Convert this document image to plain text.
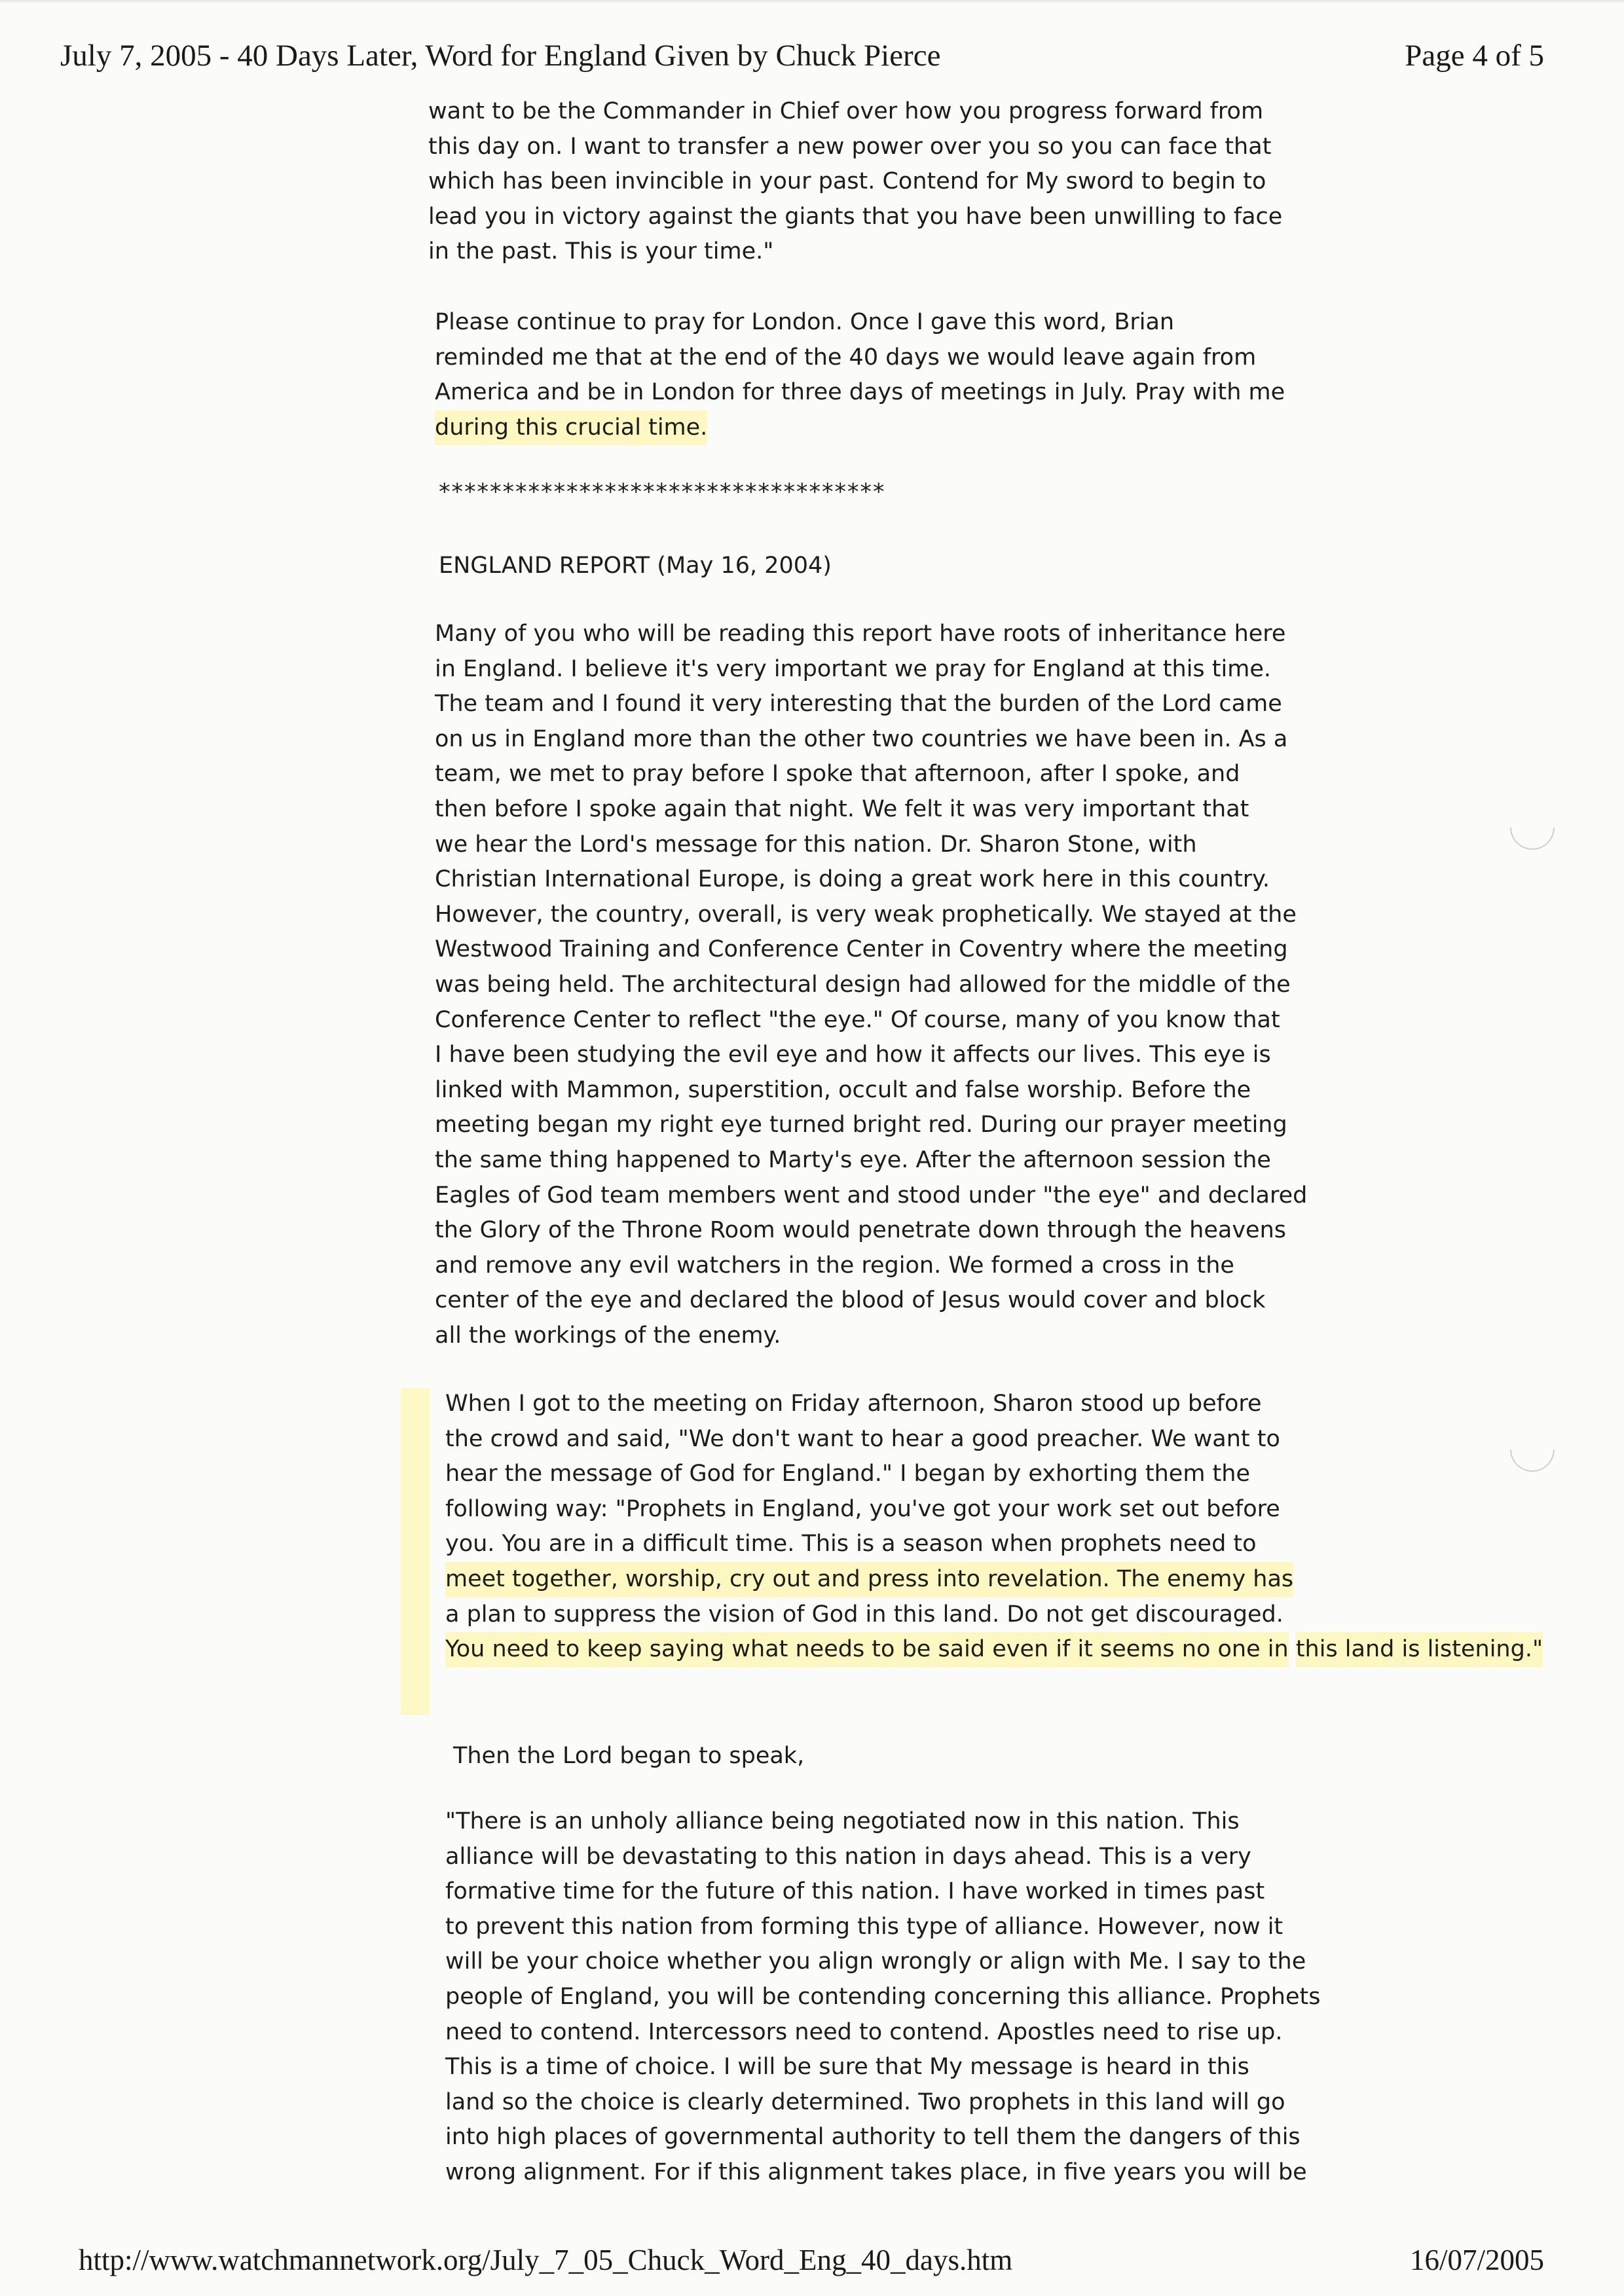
July 7, 2005 - 40 Days Later, Word for England Given by Chuck Pierce	Page 4 of 5
want to be the Commander in Chief over how you progress forward from
this day on. I want to transfer a new power over you so you can face that
which has been invincible in your past. Contend for My sword to begin to
lead you in victory against the giants that you have been unwilling to face
in the past. This is your time."
Please continue to pray for London. Once I gave this word, Brian
reminded me that at the end of the 40 days we would leave again from
America and be in London for three days of meetings in July. Pray with me
during this crucial time.
***********************************
ENGLAND REPORT (May 16, 2004)
Many of you who will be reading this report have roots of inheritance here
in England. I believe it's very important we pray for England at this time.
The team and I found it very interesting that the burden of the Lord came
on us in England more than the other two countries we have been in. As a
team, we met to pray before I spoke that afternoon, after I spoke, and
then before I spoke again that night. We felt it was very important that
we hear the Lord's message for this nation. Dr. Sharon Stone, with
Christian International Europe, is doing a great work here in this country.
However, the country, overall, is very weak prophetically. We stayed at the
Westwood Training and Conference Center in Coventry where the meeting
was being held. The architectural design had allowed for the middle of the
Conference Center to reflect "the eye." Of course, many of you know that
I have been studying the evil eye and how it affects our lives. This eye is
linked with Mammon, superstition, occult and false worship. Before the
meeting began my right eye turned bright red. During our prayer meeting
the same thing happened to Marty's eye. After the afternoon session the
Eagles of God team members went and stood under "the eye" and declared
the Glory of the Throne Room would penetrate down through the heavens
and remove any evil watchers in the region. We formed a cross in the
center of the eye and declared the blood of Jesus would cover and block
all the workings of the enemy.
When I got to the meeting on Friday afternoon, Sharon stood up before
the crowd and said, "We don't want to hear a good preacher. We want to
hear the message of God for England." I began by exhorting them the
following way: "Prophets in England, you've got your work set out before
you. You are in a difficult time. This is a season when prophets need to
meet together, worship, cry out and press into revelation. The enemy has
a plan to suppress the vision of God in this land. Do not get discouraged.
You need to keep saying what needs to be said even if it seems no one in this land is listening."
Then the Lord began to speak,
"There is an unholy alliance being negotiated now in this nation. This
alliance will be devastating to this nation in days ahead. This is a very
formative time for the future of this nation. I have worked in times past
to prevent this nation from forming this type of alliance. However, now it
will be your choice whether you align wrongly or align with Me. I say to the
people of England, you will be contending concerning this alliance. Prophets
need to contend. Intercessors need to contend. Apostles need to rise up.
This is a time of choice. I will be sure that My message is heard in this
land so the choice is clearly determined. Two prophets in this land will go
into high places of governmental authority to tell them the dangers of this
wrong alignment. For if this alignment takes place, in five years you will be
http://www.watchmannetwork.org/July_7_05_Chuck_Word_Eng_40_days.htm	16/07/2005
